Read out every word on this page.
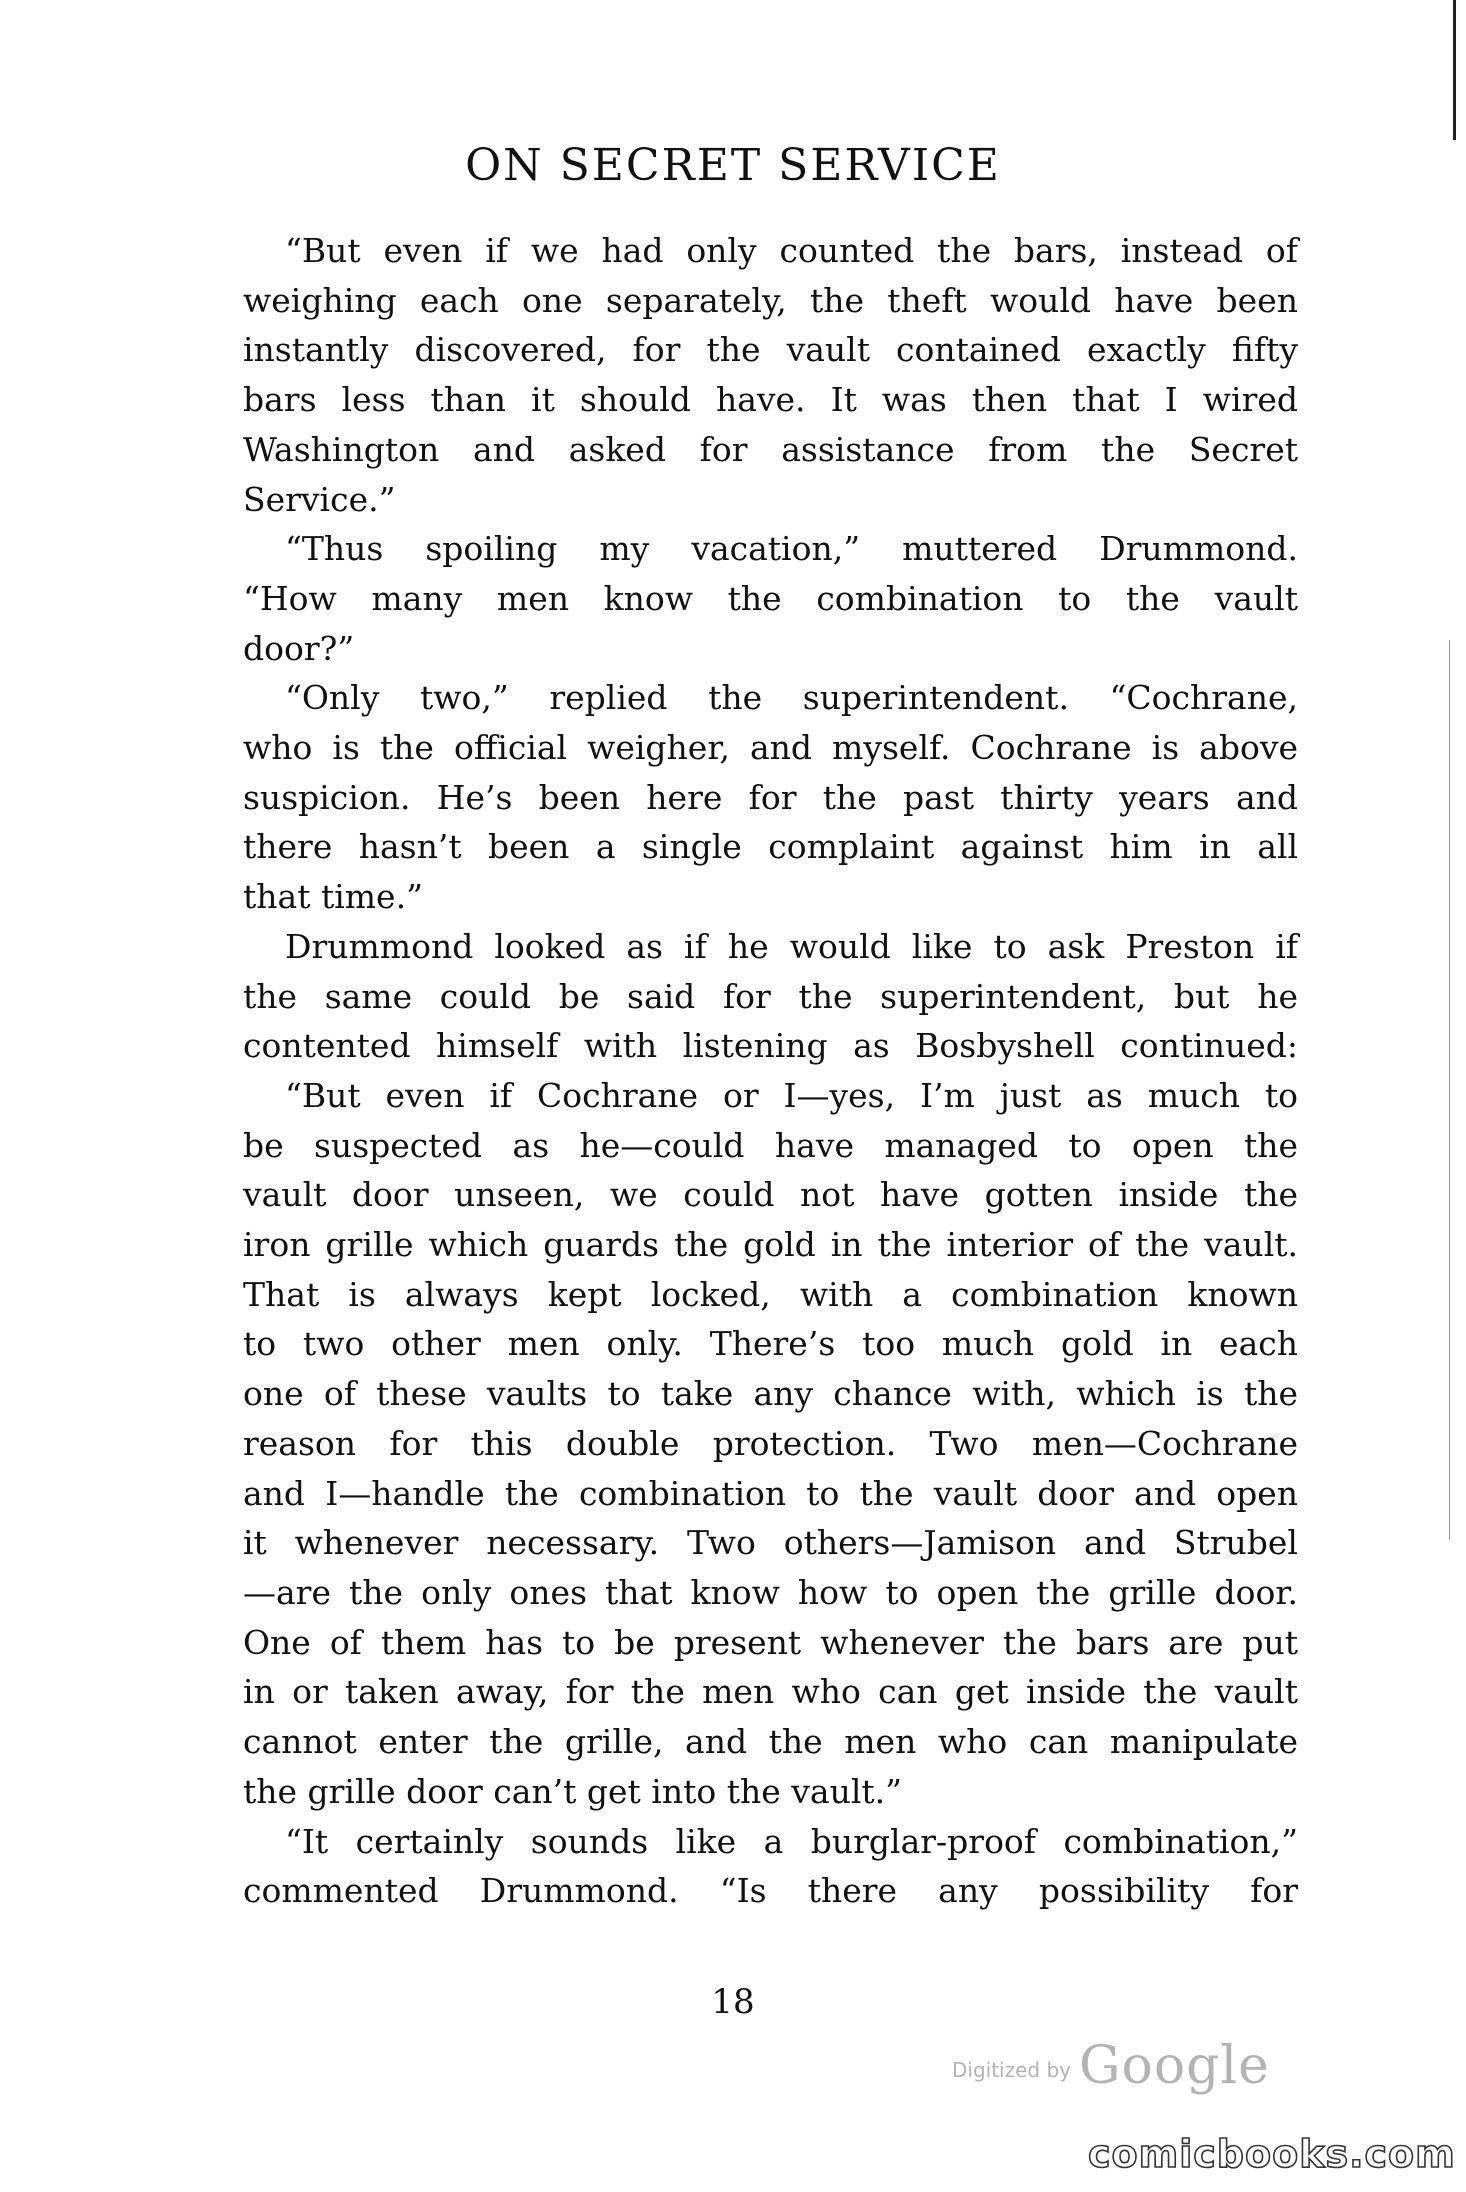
ON SECRET SERVICE
“But even if we had only counted the bars, instead of
weighing each one separately, the theft would have been
instantly discovered, for the vault contained exactly fifty
bars less than it should have. It was then that I wired
Washington and asked for assistance from the Secret
Service.”
“Thus spoiling my vacation,” muttered Drummond.
“How many men know the combination to the vault
door?”
“Only two,” replied the superintendent. “Cochrane,
who is the official weigher, and myself. Cochrane is above
suspicion. He’s been here for the past thirty years and
there hasn’t been a single complaint against him in all
that time.”
Drummond looked as if he would like to ask Preston if
the same could be said for the superintendent, but he
contented himself with listening as Bosbyshell continued:
“But even if Cochrane or I—yes, I’m just as much to
be suspected as he—could have managed to open the
vault door unseen, we could not have gotten inside the
iron grille which guards the gold in the interior of the vault.
That is always kept locked, with a combination known
to two other men only. There’s too much gold in each
one of these vaults to take any chance with, which is the
reason for this double protection. Two men—Cochrane
and I—handle the combination to the vault door and open
it whenever necessary. Two others—Jamison and Strubel
—are the only ones that know how to open the grille door.
One of them has to be present whenever the bars are put
in or taken away, for the men who can get inside the vault
cannot enter the grille, and the men who can manipulate
the grille door can’t get into the vault.”
“It certainly sounds like a burglar-proof combination,”
commented Drummond. “Is there any possibility for
18
Digitized by Google
comicbooks.com
